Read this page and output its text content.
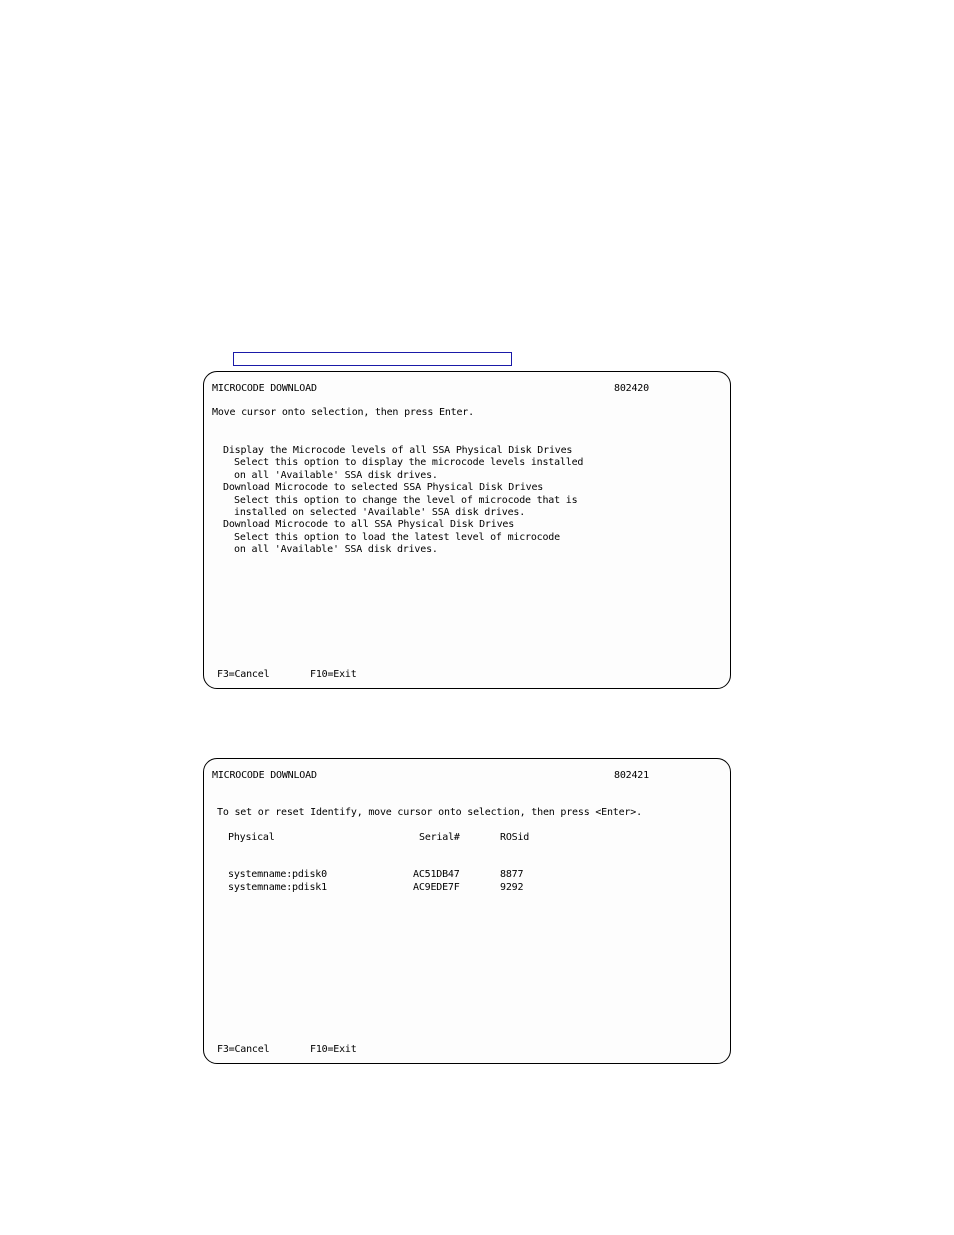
MICROCODE DOWNLOAD	802420
Move cursor onto selection, then press Enter.
Display the Microcode levels of all SSA Physical Disk Drives
Select this option to display the microcode levels installed
on all 'Available' SSA disk drives.
Download Microcode to selected SSA Physical Disk Drives
Select this option to change the level of microcode that is
installed on selected 'Available' SSA disk drives.
Download Microcode to all SSA Physical Disk Drives
Select this option to load the latest level of microcode
on all 'Available' SSA disk drives.
F3=Cancel	F10=Exit
MICROCODE DOWNLOAD	802421
To set or reset Identify, move cursor onto selection, then press <Enter>.
Physical	Serial#	ROSid
systemname:pdisk0	AC51DB47	8877
systemname:pdisk1	AC9EDE7F	9292
F3=Cancel	F10=Exit
